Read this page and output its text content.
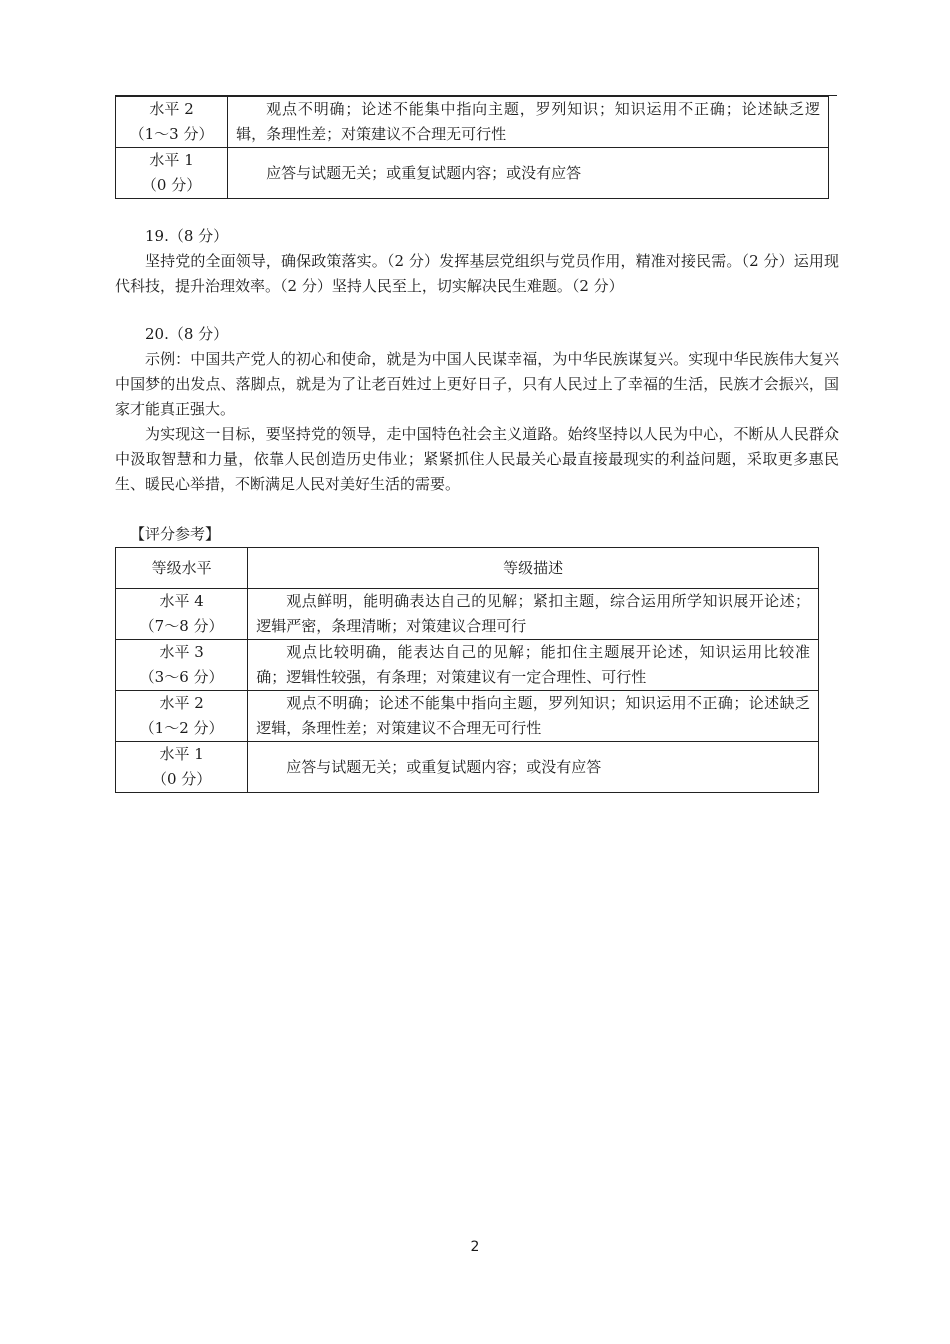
水平 2
（1～3 分）	观点不明确；论述不能集中指向主题，罗列知识；知识运用不正确；论述缺乏逻辑，条理性差；对策建议不合理无可行性

水平 1
（0 分）	应答与试题无关；或重复试题内容；或没有应答
19.（8 分）
坚持党的全面领导，确保政策落实。（2 分）发挥基层党组织与党员作用，精准对接民需。（2 分）运用现代科技，提升治理效率。（2 分）坚持人民至上，切实解决民生难题。（2 分）
20.（8 分）
示例：中国共产党人的初心和使命，就是为中国人民谋幸福，为中华民族谋复兴。实现中华民族伟大复兴中国梦的出发点、落脚点，就是为了让老百姓过上更好日子，只有人民过上了幸福的生活，民族才会振兴，国家才能真正强大。
为实现这一目标，要坚持党的领导，走中国特色社会主义道路。始终坚持以人民为中心，不断从人民群众中汲取智慧和力量，依靠人民创造历史伟业；紧紧抓住人民最关心最直接最现实的利益问题，采取更多惠民生、暖民心举措，不断满足人民对美好生活的需要。
【评分参考】
等级水平	等级描述

水平 4
（7～8 分）	观点鲜明，能明确表达自己的见解；紧扣主题，综合运用所学知识展开论述；逻辑严密，条理清晰；对策建议合理可行

水平 3
（3～6 分）	观点比较明确，能表达自己的见解；能扣住主题展开论述，知识运用比较准确；逻辑性较强，有条理；对策建议有一定合理性、可行性

水平 2
（1～2 分）	观点不明确；论述不能集中指向主题，罗列知识；知识运用不正确；论述缺乏逻辑，条理性差；对策建议不合理无可行性

水平 1
（0 分）	应答与试题无关；或重复试题内容；或没有应答
2
